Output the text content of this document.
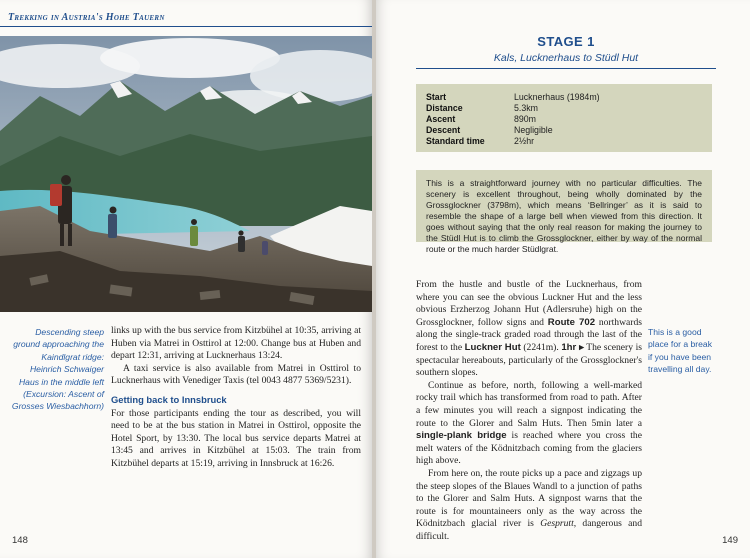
Trekking in Austria's Hohe Tauern
Descending steep ground approaching the Kaindlgrat ridge: Heinrich Schwaiger Haus in the middle left (Excursion: Ascent of Grosses Wiesbachhorn)

links up with the bus service from Kitzbühel at 10:35, arriving at Huben via Matrei in Osttirol at 12:00. Change bus at Huben and depart 12:31, arriving at Lucknerhaus 13:24.

A taxi service is also available from Matrei in Osttirol to Lucknerhaus with Venediger Taxis (tel 0043 4877 5369/5231).

Getting back to Innsbruck

For those participants ending the tour as described, you will need to be at the bus station in Matrei in Osttirol, opposite the Hotel Sport, by 13:30. The local bus service departs Matrei at 13:45 and arrives in Kitzbühel at 15:03. The train from Kitzbühel departs at 15:19, arriving in Innsbruck at 16:26.

148
STAGE 1
Kals, Lucknerhaus to Stüdl Hut
Start	Lucknerhaus (1984m)
Distance	5.3km
Ascent	890m
Descent	Negligible
Standard time	2½hr
This is a straightforward journey with no particular difficulties. The scenery is excellent throughout, being wholly dominated by the Grossglockner (3798m), which means ‘Bellringer’ as it is said to resemble the shape of a large bell when viewed from this direction. It goes without saying that the only real reason for making the journey to the Stüdl Hut is to climb the Grossglockner, either by way of the normal route or the much harder Stüdlgrat.

From the hustle and bustle of the Lucknerhaus, from where you can see the obvious Luckner Hut and the less obvious Erzherzog Johann Hut (Adlersruhe) high on the Grossglockner, follow signs and Route 702 northwards along the single-track graded road through the last of the forest to the Luckner Hut (2241m). 1hr ▸ The scenery is spectacular hereabouts, particularly of the Grossglockner's southern slopes.

Continue as before, north, following a well-marked rocky trail which has transformed from road to path. After a few minutes you will reach a signpost indicating the route to the Glorer and Salm Huts. Then 5min later a single-plank bridge is reached where you cross the melt waters of the Ködnitzbach coming from the glaciers high above.

From here on, the route picks up a pace and zigzags up the steep slopes of the Blaues Wandl to a junction of paths to the Glorer and Salm Huts. A signpost warns that the route is for mountaineers only as the way across the Ködnitzbach glacial river is Gesprutt, dangerous and difficult.

This is a good place for a break if you have been travelling all day.
149
